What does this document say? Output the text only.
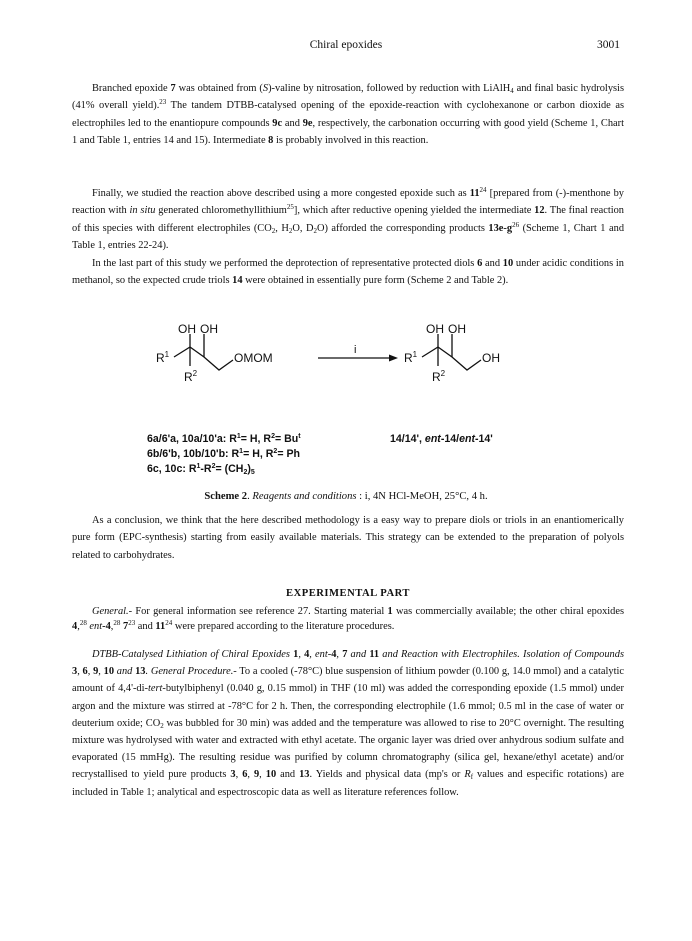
Chiral epoxides	3001

Branched epoxide 7 was obtained from (S)-valine by nitrosation, followed by reduction with LiAlH$_4$ and final basic hydrolysis (41% overall yield).$^{23}$ The tandem DTBB-catalysed opening of the epoxide-reaction with cyclohexanone or carbon dioxide as electrophiles led to the enantiopure compounds 9c and 9e, respectively, the carbonation occurring with good yield (Scheme 1, Chart 1 and Table 1, entries 14 and 15). Intermediate 8 is probably involved in this reaction.

Finally, we studied the reaction above described using a more congested epoxide such as $11^{24}$ [prepared from (-)-menthone by reaction with in situ generated chloromethyllithium$^{25}$], which after reductive opening yielded the intermediate 12. The final reaction of this species with different electrophiles ($CO_2$, $H_2O$, $D_2O$) afforded the corresponding products $13e-g^{26}$ (Scheme 1, Chart 1 and Table 1, entries 22-24).

In the last part of this study we performed the deprotection of representative protected diols 6 and 10 under acidic conditions in methanol, so the expected crude triols 14 were obtained in essentially pure form (Scheme 2 and Table 2).

OH OH
$R^1$
$R^2$
OMOM
i
OH OH
$R^1$
$R^2$
OH
6a/6'a, 10a/10'a: $R^1= H$, $R^2= Bu^t$
6b/6'b, 10b/10'b: $R^1= H$, $R^2= Ph$
6c, 10c: $R^1-R^2= (CH_2)_5$
14/14', ent-14/ent-14'
Scheme 2. Reagents and conditions : i, 4N HCl-MeOH, 25°C, 4 h.

As a conclusion, we think that the here described methodology is a easy way to prepare diols or triols in an enantiomerically pure form (EPC-synthesis) starting from easily available materials. This strategy can be extended to the preparation of polyols related to carbohydrates.

EXPERIMENTAL PART

General.- For general information see reference 27. Starting material 1 was commercially available; the other chiral epoxides 4,28 ent-4,28 $7^{23}$ and $11^{24}$ were prepared according to the literature procedures.

DTBB-Catalysed Lithiation of Chiral Epoxides 1, 4, ent-4, 7 and 11 and Reaction with Electrophiles. Isolation of Compounds 3, 6, 9, 10 and 13. General Procedure.- To a cooled (-78°C) blue suspension of lithium powder (0.100 g, 14.0 mmol) and a catalytic amount of 4,4'-di-tert-butylbiphenyl (0.040 g, 0.15 mmol) in THF (10 ml) was added the corresponding epoxide (1.5 mmol) under argon and the mixture was stirred at -78°C for 2 h. Then, the corresponding electrophile (1.6 mmol; 0.5 ml in the case of water or deuterium oxide; $CO_2$ was bubbled for 30 min) was added and the temperature was allowed to rise to 20°C overnight. The resulting mixture was hydrolysed with water and extracted with ethyl acetate. The organic layer was dried over anhydrous sodium sulfate and evaporated (15 mmHg). The resulting residue was purified by column chromatography (silica gel, hexane/ethyl acetate) and/or recrystallised to yield pure products 3, 6, 9, 10 and 13. Yields and physical data (mp's or $R_f$ values and especific rotations) are included in Table 1; analytical and espectroscopic data as well as literature references follow.
